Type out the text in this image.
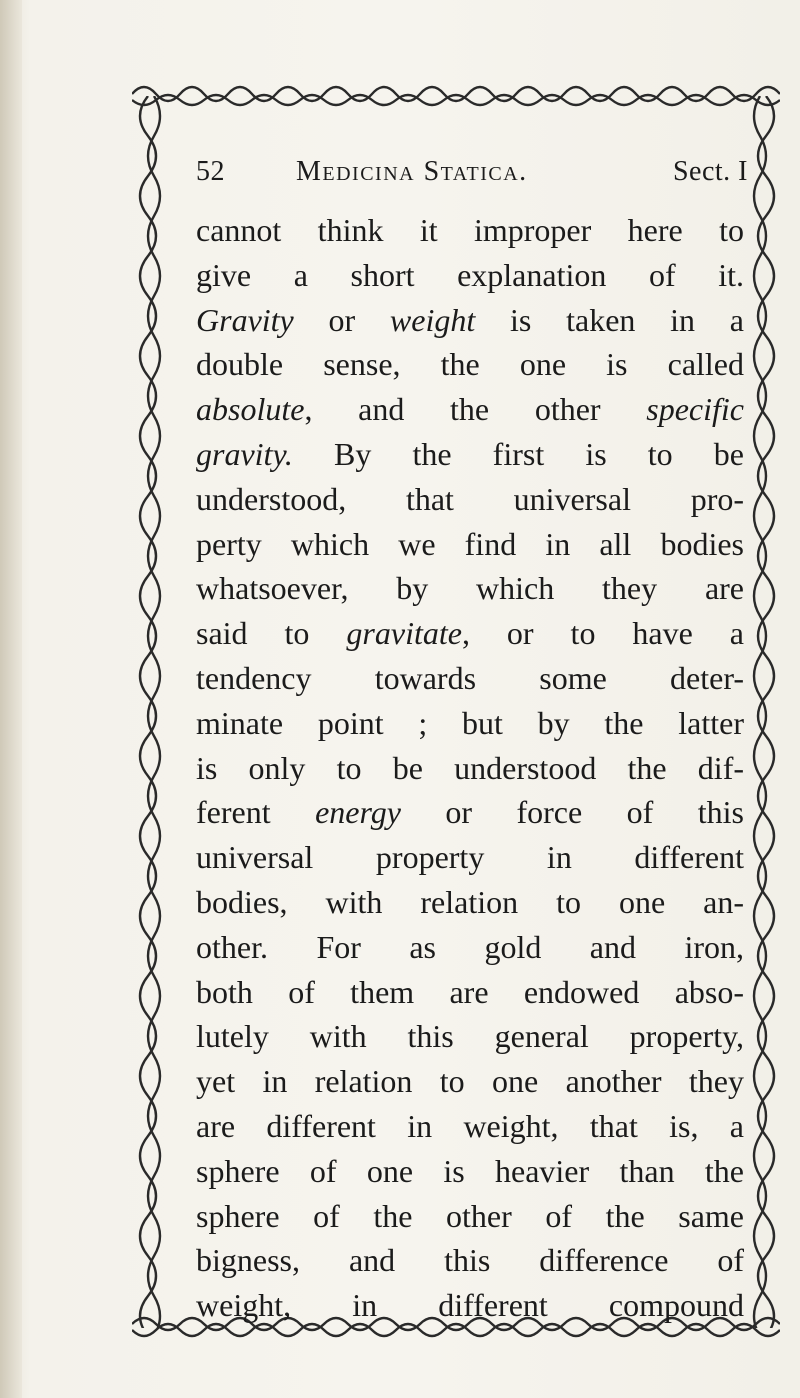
52	Medicina Statica.	Sect. I
cannot think it improper here to
give a short explanation of it.
Gravity or weight is taken in a
double sense, the one is called
absolute, and the other specific
gravity. By the first is to be
understood, that universal pro-
perty which we find in all bodies
whatsoever, by which they are
said to gravitate, or to have a
tendency towards some deter-
minate point ; but by the latter
is only to be understood the dif-
ferent energy or force of this
universal property in different
bodies, with relation to one an-
other. For as gold and iron,
both of them are endowed abso-
lutely with this general property,
yet in relation to one another they
are different in weight, that is, a
sphere of one is heavier than the
sphere of the other of the same
bigness, and this difference of
weight, in different compound
